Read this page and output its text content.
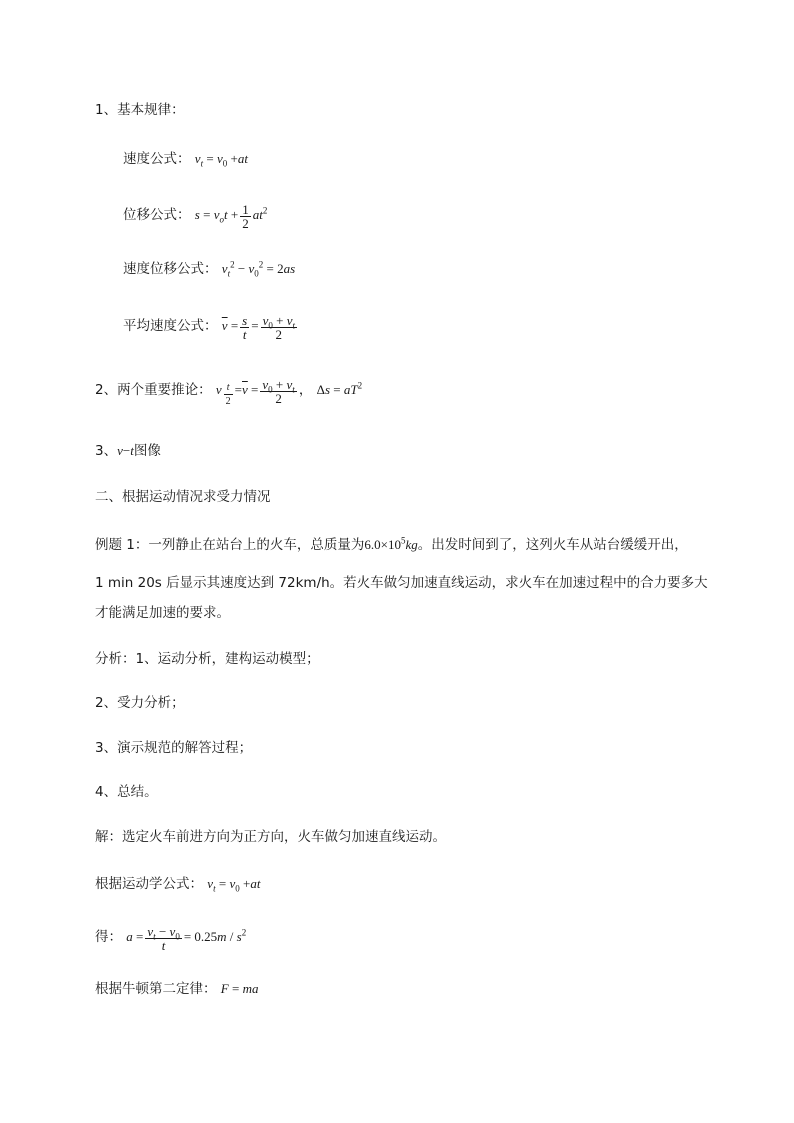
1、基本规律：
速度公式： $v_t = v_0 +at$
位移公式： $s = v_ot + \frac{1}{2} at^2$
速度位移公式： $v_t^2 - v_0^2 = 2as$
平均速度公式： $\overline{v} = \frac{s}{t} = \frac{v_0 + v_t}{2}$
2、两个重要推论： v $\frac{t}{2} =\overline{v} = \frac{v_0 + v_t}{2}$ ， $\Delta s = aT^2$
3、v−t图像
二、根据运动情况求受力情况
例题 1：一列静止在站台上的火车，总质量为$6.0\times 10^5kg$。出发时间到了，这列火车从站台缓缓开出，
1 min 20s 后显示其速度达到 72km/h。若火车做匀加速直线运动，求火车在加速过程中的合力要多大
才能满足加速的要求。
分析：1、运动分析，建构运动模型；
2、受力分析；
3、演示规范的解答过程；
4、总结。
解：选定火车前进方向为正方向，火车做匀加速直线运动。
根据运动学公式： $v_t = v_0 +at$
得： $a = \frac{v_t - v_0}{t} = 0.25m / s^2$
根据牛顿第二定律： F = ma
